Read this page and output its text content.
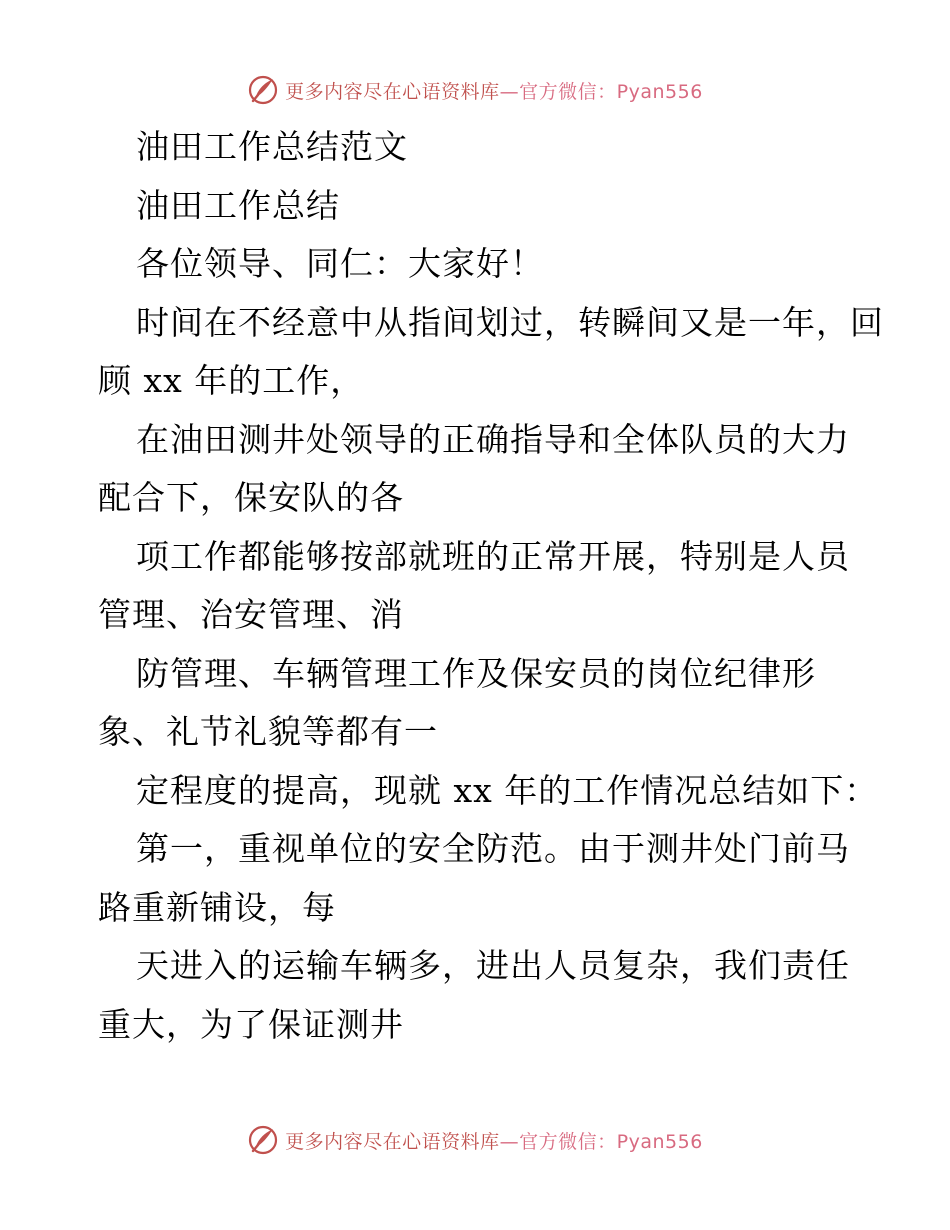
更多内容尽在心语资料库—官方微信：Pyan556
油田工作总结范文
油田工作总结
各位领导、同仁：大家好！
时间在不经意中从指间划过，转瞬间又是一年，回
顾 xx 年的工作，
在油田测井处领导的正确指导和全体队员的大力
配合下，保安队的各
项工作都能够按部就班的正常开展，特别是人员
管理、治安管理、消
防管理、车辆管理工作及保安员的岗位纪律形
象、礼节礼貌等都有一
定程度的提高，现就 xx 年的工作情况总结如下：
第一，重视单位的安全防范。由于测井处门前马
路重新铺设，每
天进入的运输车辆多，进出人员复杂，我们责任
重大，为了保证测井
更多内容尽在心语资料库—官方微信：Pyan556
